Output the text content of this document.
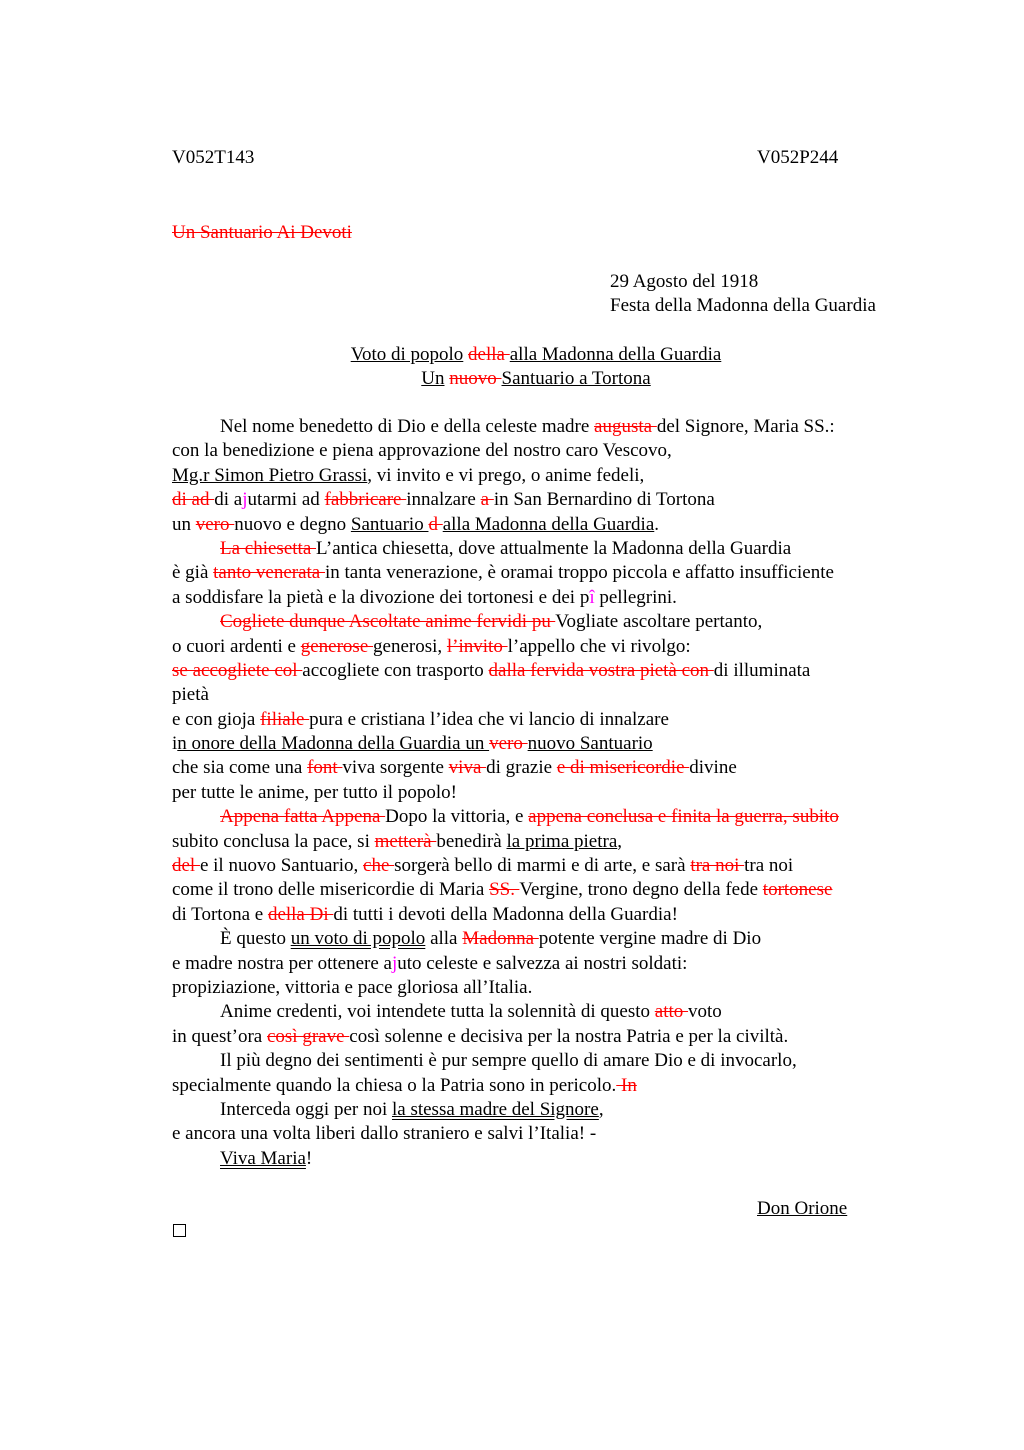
V052T143	V052P244
Un Santuario Ai Devoti
29 Agosto del 1918
Festa della Madonna della Guardia
Voto di popolo della alla Madonna della Guardia
Un nuovo Santuario a Tortona
Nel nome benedetto di Dio e della celeste madre augusta del Signore, Maria SS.:
con la benedizione e piena approvazione del nostro caro Vescovo,
Mg.r Simon Pietro Grassi, vi invito e vi prego, o anime fedeli,
di ad di ajutarmi ad fabbricare innalzare a in San Bernardino di Tortona
un vero nuovo e degno Santuario d alla Madonna della Guardia.
La chiesetta L’antica chiesetta, dove attualmente la Madonna della Guardia
è già tanto venerata in tanta venerazione, è oramai troppo piccola e affatto insufficiente
a soddisfare la pietà e la divozione dei tortonesi e dei pî pellegrini.
Cogliete dunque Ascoltate anime fervidi pu Vogliate ascoltare pertanto,
o cuori ardenti e generose generosi, l’invito l’appello che vi rivolgo:
se accogliete col accogliete con trasporto dalla fervida vostra pietà con di illuminata
pietà
e con gioja filiale pura e cristiana l’idea che vi lancio di innalzare
in onore della Madonna della Guardia un vero nuovo Santuario
che sia come una font viva sorgente viva di grazie e di misericordie divine
per tutte le anime, per tutto il popolo!
Appena fatta Appena Dopo la vittoria, e appena conclusa e finita la guerra, subito
subito conclusa la pace, si metterà benedirà la prima pietra,
del e il nuovo Santuario, che sorgerà bello di marmi e di arte, e sarà tra noi tra noi
come il trono delle misericordie di Maria SS. Vergine, trono degno della fede tortonese
di Tortona e della Di di tutti i devoti della Madonna della Guardia!
È questo un voto di popolo alla Madonna potente vergine madre di Dio
e madre nostra per ottenere ajuto celeste e salvezza ai nostri soldati:
propiziazione, vittoria e pace gloriosa all’Italia.
Anime credenti, voi intendete tutta la solennità di questo atto voto
in quest’ora così grave così solenne e decisiva per la nostra Patria e per la civiltà.
Il più degno dei sentimenti è pur sempre quello di amare Dio e di invocarlo,
specialmente quando la chiesa o la Patria sono in pericolo. In
Interceda oggi per noi la stessa madre del Signore,
e ancora una volta liberi dallo straniero e salvi l’Italia! -
Viva Maria!
Don Orione
